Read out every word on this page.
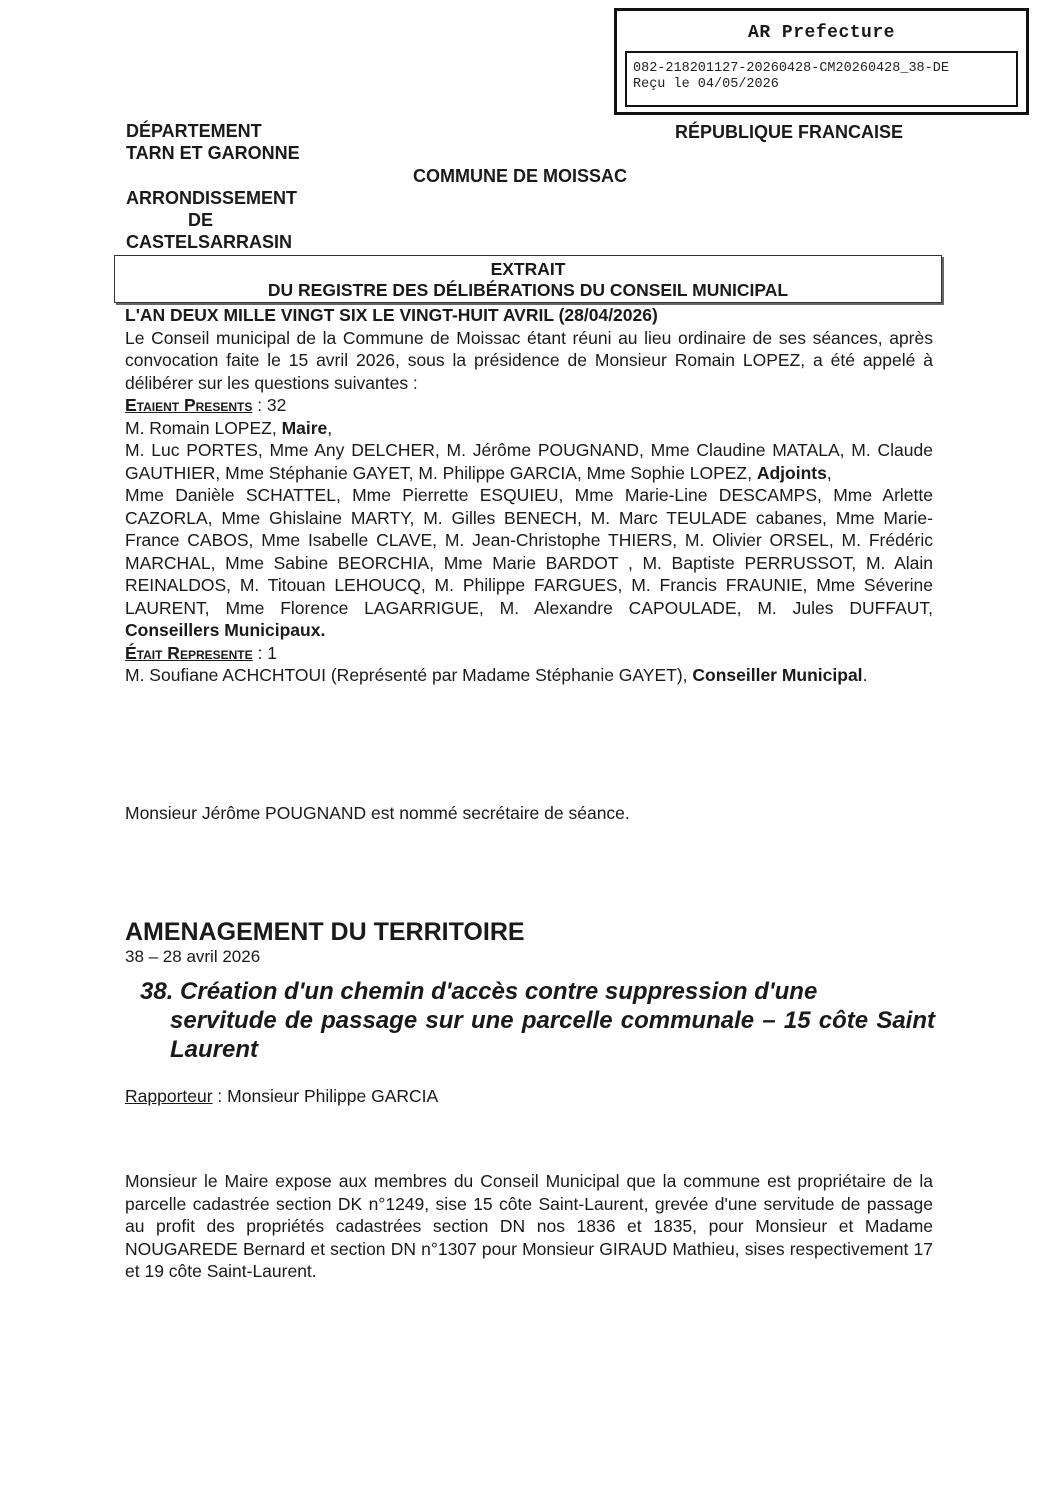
AR Prefecture
082-218201127-20260428-CM20260428_38-DE
Reçu le 04/05/2026
DÉPARTEMENT
TARN ET GARONNE
RÉPUBLIQUE FRANCAISE
COMMUNE DE MOISSAC
ARRONDISSEMENT
DE
CASTELSARRASIN
EXTRAIT
DU REGISTRE DES DÉLIBÉRATIONS DU CONSEIL MUNICIPAL

L'AN DEUX MILLE VINGT SIX LE VINGT-HUIT AVRIL (28/04/2026)

Le Conseil municipal de la Commune de Moissac étant réuni au lieu ordinaire de ses séances, après convocation faite le 15 avril 2026, sous la présidence de Monsieur Romain LOPEZ, a été appelé à délibérer sur les questions suivantes :

Etaient Presents : 32

M. Romain LOPEZ, Maire,

M. Luc PORTES, Mme Any DELCHER, M. Jérôme POUGNAND, Mme Claudine MATALA, M. Claude GAUTHIER, Mme Stéphanie GAYET, M. Philippe GARCIA, Mme Sophie LOPEZ, Adjoints,

Mme Danièle SCHATTEL, Mme Pierrette ESQUIEU, Mme Marie-Line DESCAMPS, Mme Arlette CAZORLA, Mme Ghislaine MARTY, M. Gilles BENECH, M. Marc TEULADE cabanes, Mme Marie-France CABOS, Mme Isabelle CLAVE, M. Jean-Christophe THIERS, M. Olivier ORSEL, M. Frédéric MARCHAL, Mme Sabine BEORCHIA, Mme Marie BARDOT , M. Baptiste PERRUSSOT, M. Alain REINALDOS, M. Titouan LEHOUCQ, M. Philippe FARGUES, M. Francis FRAUNIE, Mme Séverine LAURENT, Mme Florence LAGARRIGUE, M. Alexandre CAPOULADE, M. Jules DUFFAUT, Conseillers Municipaux.

Était Represente : 1

M. Soufiane ACHCHTOUI (Représenté par Madame Stéphanie GAYET), Conseiller Municipal.

Monsieur Jérôme POUGNAND est nommé secrétaire de séance.
AMENAGEMENT DU TERRITOIRE
38 – 28 avril 2026
38. Création d'un chemin d'accès contre suppression d'une
servitude de passage sur une parcelle communale – 15 côte Saint Laurent
Rapporteur : Monsieur Philippe GARCIA
Monsieur le Maire expose aux membres du Conseil Municipal que la commune est propriétaire de la parcelle cadastrée section DK n°1249, sise 15 côte Saint-Laurent, grevée d'une servitude de passage au profit des propriétés cadastrées section DN nos 1836 et 1835, pour Monsieur et Madame NOUGAREDE Bernard et section DN n°1307 pour Monsieur GIRAUD Mathieu, sises respectivement 17 et 19 côte Saint-Laurent.
